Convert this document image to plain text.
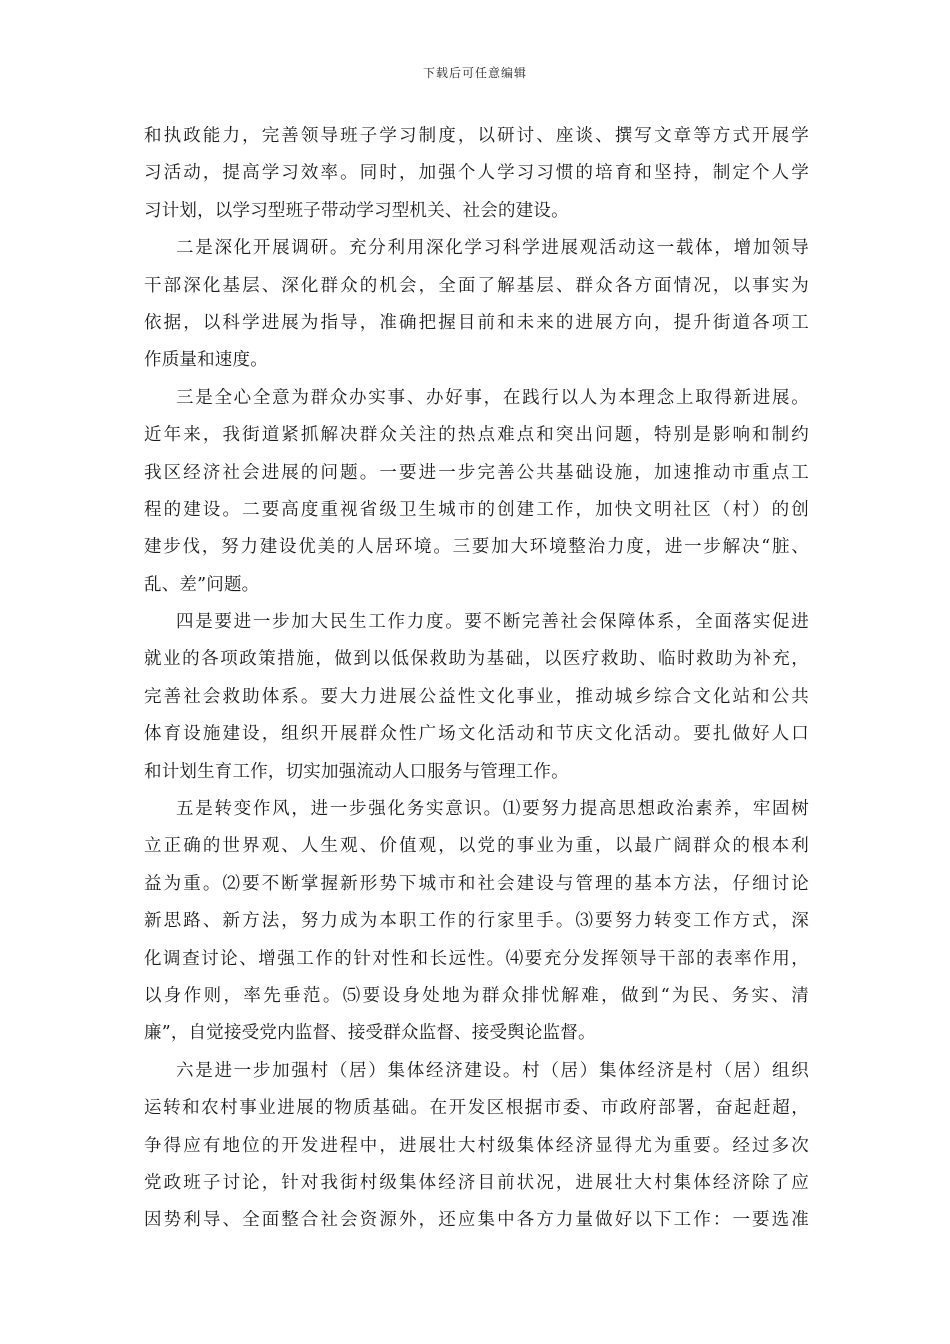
下载后可任意编辑
和执政能力，完善领导班子学习制度，以研讨、座谈、撰写文章等方式开展学
习活动，提高学习效率。同时，加强个人学习习惯的培育和坚持，制定个人学
习计划，以学习型班子带动学习型机关、社会的建设。
二是深化开展调研。充分利用深化学习科学进展观活动这一载体，增加领导
干部深化基层、深化群众的机会，全面了解基层、群众各方面情况，以事实为
依据，以科学进展为指导，准确把握目前和未来的进展方向，提升街道各项工
作质量和速度。
三是全心全意为群众办实事、办好事，在践行以人为本理念上取得新进展。
近年来，我街道紧抓解决群众关注的热点难点和突出问题，特别是影响和制约
我区经济社会进展的问题。一要进一步完善公共基础设施，加速推动市重点工
程的建设。二要高度重视省级卫生城市的创建工作，加快文明社区（村）的创
建步伐，努力建设优美的人居环境。三要加大环境整治力度，进一步解决“脏、
乱、差”问题。
四是要进一步加大民生工作力度。要不断完善社会保障体系，全面落实促进
就业的各项政策措施，做到以低保救助为基础，以医疗救助、临时救助为补充，
完善社会救助体系。要大力进展公益性文化事业，推动城乡综合文化站和公共
体育设施建设，组织开展群众性广场文化活动和节庆文化活动。要扎做好人口
和计划生育工作，切实加强流动人口服务与管理工作。
五是转变作风，进一步强化务实意识。⑴要努力提高思想政治素养，牢固树
立正确的世界观、人生观、价值观，以党的事业为重，以最广阔群众的根本利
益为重。⑵要不断掌握新形势下城市和社会建设与管理的基本方法，仔细讨论
新思路、新方法，努力成为本职工作的行家里手。⑶要努力转变工作方式，深
化调查讨论、增强工作的针对性和长远性。⑷要充分发挥领导干部的表率作用，
以身作则，率先垂范。⑸要设身处地为群众排忧解难，做到“为民、务实、清
廉”，自觉接受党内监督、接受群众监督、接受舆论监督。
六是进一步加强村（居）集体经济建设。村（居）集体经济是村（居）组织
运转和农村事业进展的物质基础。在开发区根据市委、市政府部署，奋起赶超，
争得应有地位的开发进程中，进展壮大村级集体经济显得尤为重要。经过多次
党政班子讨论，针对我街村级集体经济目前状况，进展壮大村集体经济除了应
因势利导、全面整合社会资源外，还应集中各方力量做好以下工作：一要选准
